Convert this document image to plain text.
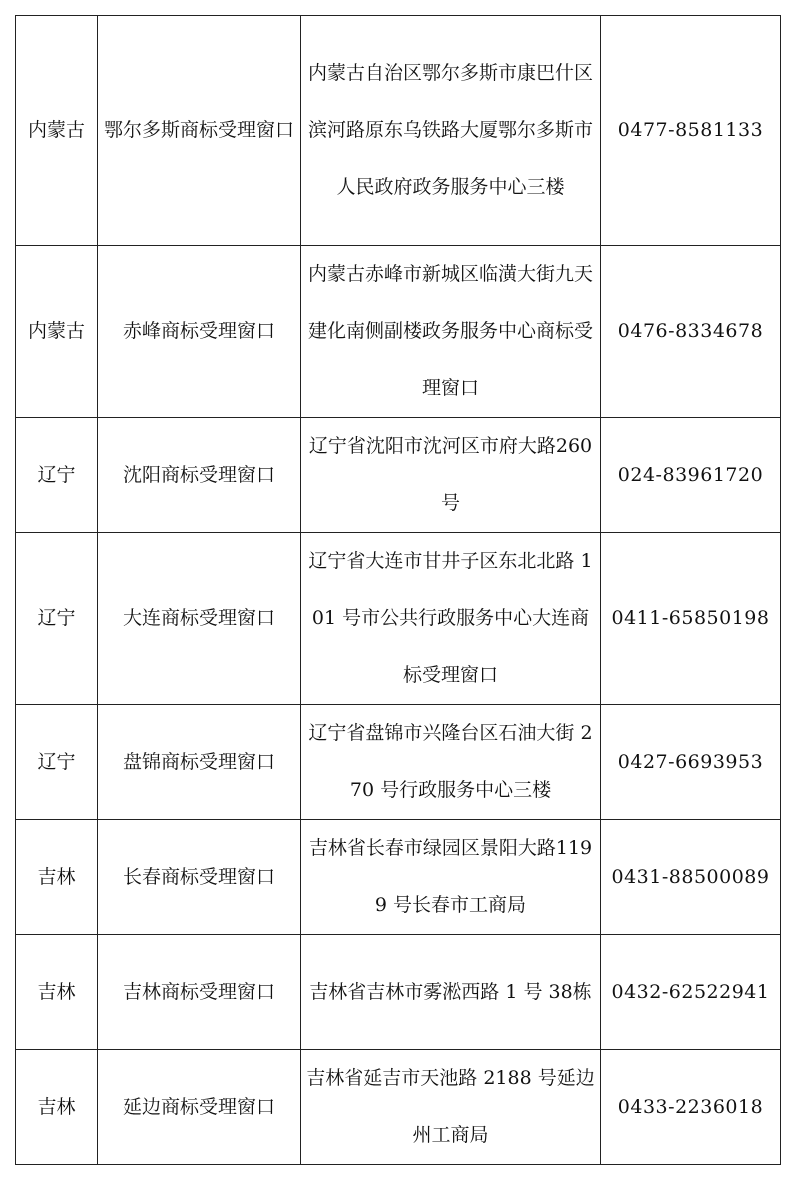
内蒙古	鄂尔多斯商标受理窗口	内蒙古自治区鄂尔多斯市康巴什区滨河路原东乌铁路大厦鄂尔多斯市人民政府政务服务中心三楼	0477-8581133
内蒙古	赤峰商标受理窗口	内蒙古赤峰市新城区临潢大街九天建化南侧副楼政务服务中心商标受理窗口	0476-8334678
辽宁	沈阳商标受理窗口	辽宁省沈阳市沈河区市府大路260 号	024-83961720
辽宁	大连商标受理窗口	辽宁省大连市甘井子区东北北路 101 号市公共行政服务中心大连商标受理窗口	0411-65850198
辽宁	盘锦商标受理窗口	辽宁省盘锦市兴隆台区石油大街 270 号行政服务中心三楼	0427-6693953
吉林	长春商标受理窗口	吉林省长春市绿园区景阳大路1199 号长春市工商局	0431-88500089
吉林	吉林商标受理窗口	吉林省吉林市雾淞西路 1 号 38栋	0432-62522941
吉林	延边商标受理窗口	吉林省延吉市天池路 2188 号延边州工商局	0433-2236018
